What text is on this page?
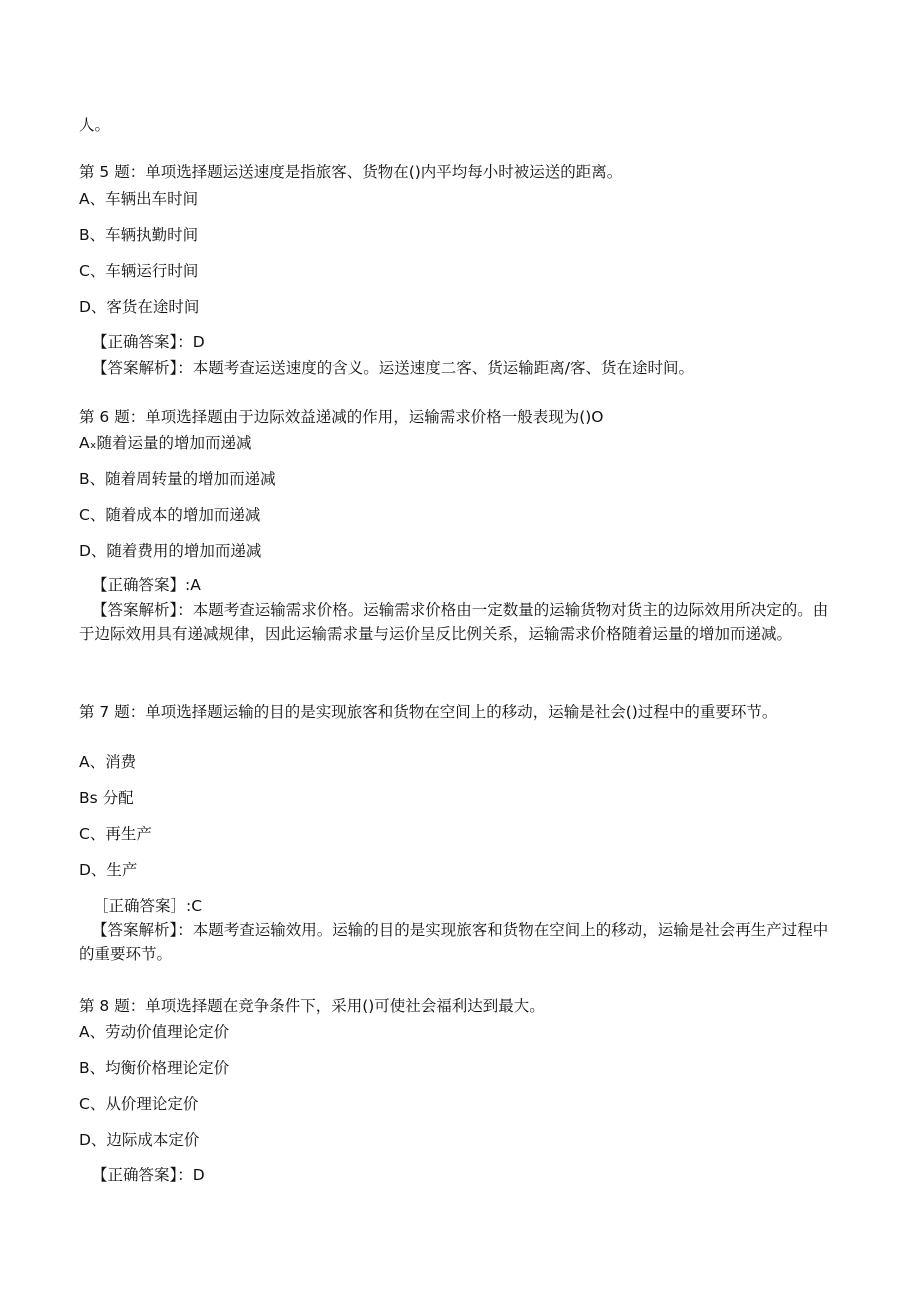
人。
第 5 题：单项选择题运送速度是指旅客、货物在()内平均每小时被运送的距离。
A、车辆出车时间
B、车辆执勤时间
C、车辆运行时间
D、客货在途时间
【正确答案】：D
【答案解析】：本题考查运送速度的含义。运送速度二客、货运输距离/客、货在途时间。
第 6 题：单项选择题由于边际效益递减的作用，运输需求价格一般表现为()O
Aₓ随着运量的增加而递减
B、随着周转量的增加而递减
C、随着成本的增加而递减
D、随着费用的增加而递减
【正确答案】:A
【答案解析】：本题考查运输需求价格。运输需求价格由一定数量的运输货物对货主的边际效用所决定的。由于边际效用具有递减规律，因此运输需求量与运价呈反比例关系，运输需求价格随着运量的增加而递减。
第 7 题：单项选择题运输的目的是实现旅客和货物在空间上的移动，运输是社会()过程中的重要环节。
A、消费
Bs 分配
C、再生产
D、生产
［正确答案］:C
【答案解析】：本题考查运输效用。运输的目的是实现旅客和货物在空间上的移动，运输是社会再生产过程中的重要环节。
第 8 题：单项选择题在竞争条件下，采用()可使社会福利达到最大。
A、劳动价值理论定价
B、均衡价格理论定价
C、从价理论定价
D、边际成本定价
【正确答案】：D
